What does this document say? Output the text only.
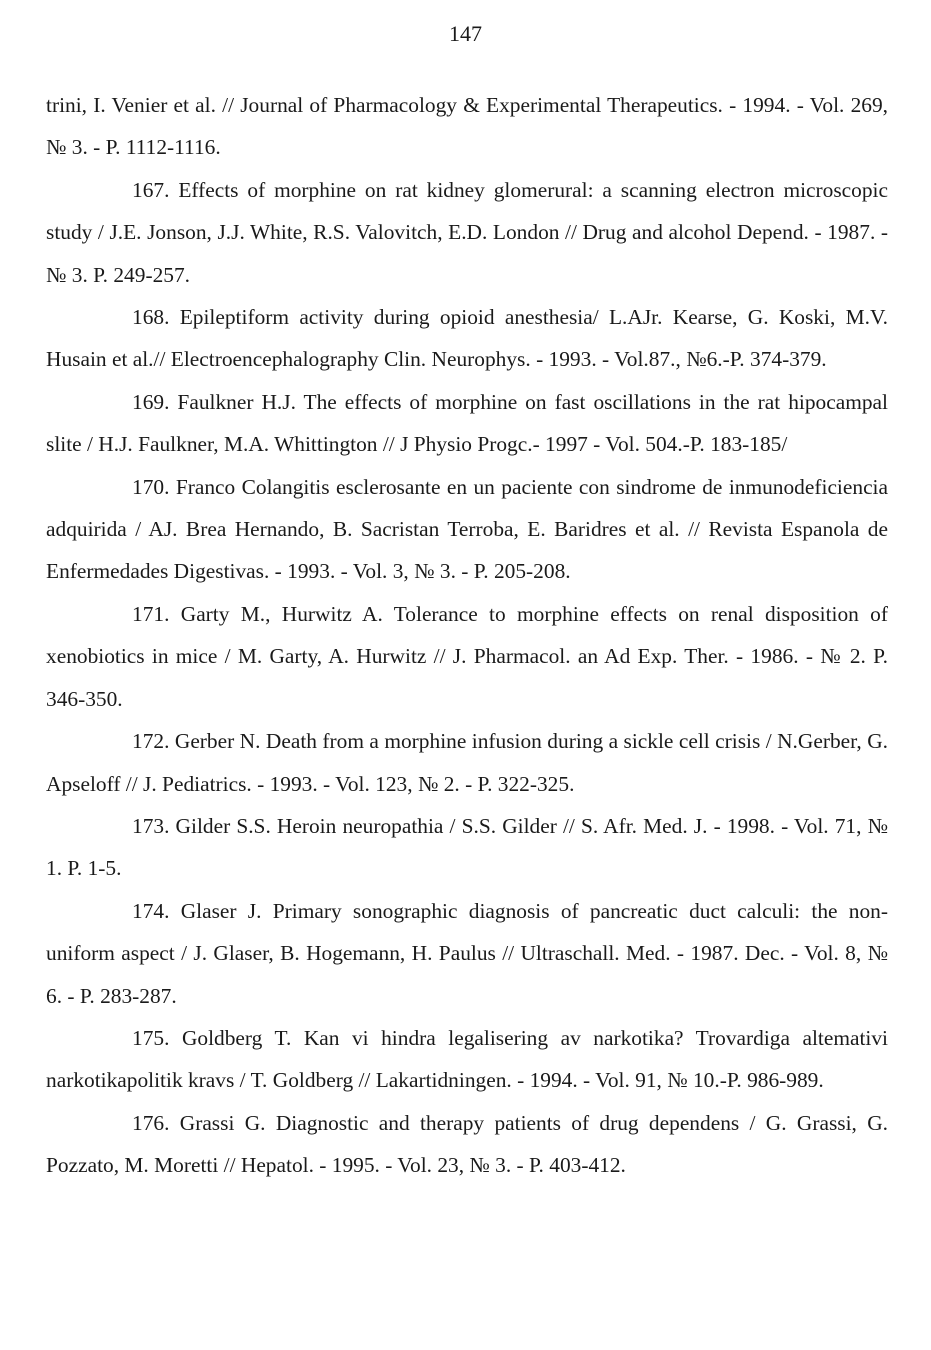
147

trini, I. Venier et al. // Journal of Pharmacology & Experimental Therapeutics. - 1994. - Vol. 269, № 3. - P. 1112-1116.

167. Effects of morphine on rat kidney glomerural: a scanning electron microscopic study / J.E. Jonson, J.J. White, R.S. Valovitch, E.D. London // Drug and alcohol Depend. - 1987. - № 3. P. 249-257.

168. Epileptiform activity during opioid anesthesia/ L.AJr. Kearse, G. Koski, M.V. Husain et al.// Electroencephalography Clin. Neurophys. - 1993. - Vol.87., №6.-P. 374-379.

169. Faulkner H.J. The effects of morphine on fast oscillations in the rat hipocampal slite / H.J. Faulkner, M.A. Whittington // J Physio Progc.- 1997 - Vol. 504.-P. 183-185/

170. Franco Colangitis esclerosante en un paciente con sindrome de inmunodeficiencia adquirida / AJ. Brea Hernando, B. Sacristan Terroba, E. Baridres et al. // Revista Espanola de Enfermedades Digestivas. - 1993. - Vol. 3, № 3. - P. 205-208.

171. Garty M., Hurwitz A. Tolerance to morphine effects on renal disposition of xenobiotics in mice / M. Garty, A. Hurwitz // J. Pharmacol. an Ad Exp. Ther. - 1986. - № 2. P. 346-350.

172. Gerber N. Death from a morphine infusion during a sickle cell crisis / N.Gerber, G. Apseloff // J. Pediatrics. - 1993. - Vol. 123, № 2. - P. 322-325.

173. Gilder S.S. Heroin neuropathia / S.S. Gilder // S. Afr. Med. J. - 1998. - Vol. 71, № 1. P. 1-5.

174. Glaser J. Primary sonographic diagnosis of pancreatic duct calculi: the non-uniform aspect / J. Glaser, B. Hogemann, H. Paulus // Ultraschall. Med. - 1987. Dec. - Vol. 8, № 6. - P. 283-287.

175. Goldberg T. Kan vi hindra legalisering av narkotika? Trovardiga altemativi narkotikapolitik kravs / T. Goldberg // Lakartidningen. - 1994. - Vol. 91, № 10.-P. 986-989.

176. Grassi G. Diagnostic and therapy patients of drug dependens / G. Grassi, G. Pozzato, M. Moretti // Hepatol. - 1995. - Vol. 23, № 3. - P. 403-412.
